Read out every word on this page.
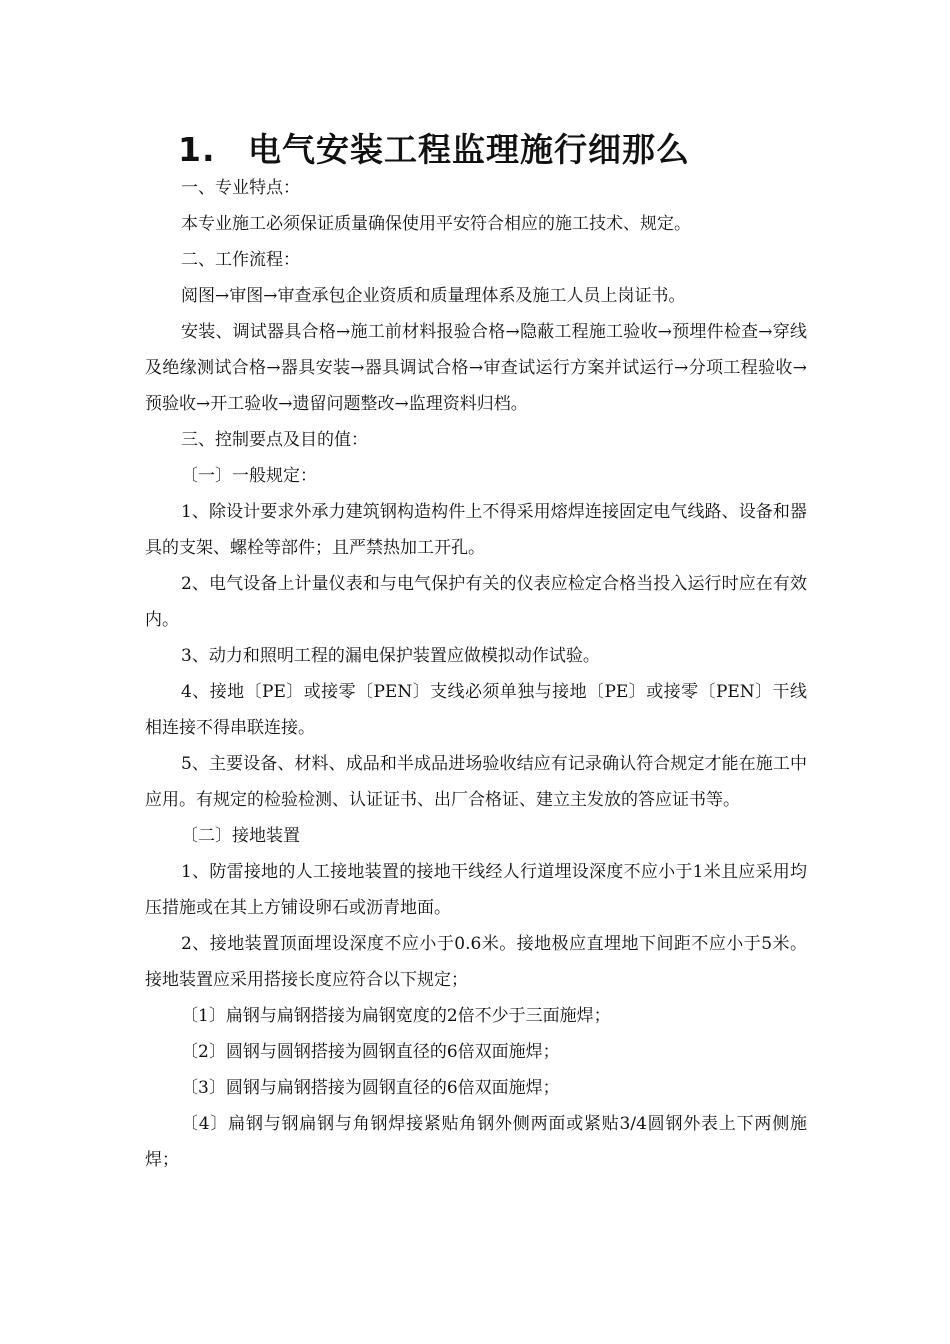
1. 电气安装工程监理施行细那么

一、专业特点：

本专业施工必须保证质量确保使用平安符合相应的施工技术、规定。

二、工作流程：

阅图→审图→审查承包企业资质和质量理体系及施工人员上岗证书。

安装、调试器具合格→施工前材料报验合格→隐蔽工程施工验收→预埋件检查→穿线及绝缘测试合格→器具安装→器具调试合格→审查试运行方案并试运行→分项工程验收→预验收→开工验收→遗留问题整改→监理资料归档。

三、控制要点及目的值：

〔一〕一般规定：

1、除设计要求外承力建筑钢构造构件上不得采用熔焊连接固定电气线路、设备和器具的支架、螺栓等部件；且严禁热加工开孔。

2、电气设备上计量仪表和与电气保护有关的仪表应检定合格当投入运行时应在有效内。

3、动力和照明工程的漏电保护装置应做模拟动作试验。

4、接地〔PE〕或接零〔PEN〕支线必须单独与接地〔PE〕或接零〔PEN〕干线相连接不得串联连接。

5、主要设备、材料、成品和半成品进场验收结应有记录确认符合规定才能在施工中应用。有规定的检验检测、认证证书、出厂合格证、建立主发放的答应证书等。

〔二〕接地装置

1、防雷接地的人工接地装置的接地干线经人行道埋设深度不应小于1米且应采用均压措施或在其上方铺设卵石或沥青地面。

2、接地装置顶面埋设深度不应小于0.6米。接地极应直埋地下间距不应小于5米。接地装置应采用搭接长度应符合以下规定；

〔1〕扁钢与扁钢搭接为扁钢宽度的2倍不少于三面施焊；

〔2〕圆钢与圆钢搭接为圆钢直径的6倍双面施焊；

〔3〕圆钢与扁钢搭接为圆钢直径的6倍双面施焊；

〔4〕扁钢与钢扁钢与角钢焊接紧贴角钢外侧两面或紧贴3/4圆钢外表上下两侧施焊；
